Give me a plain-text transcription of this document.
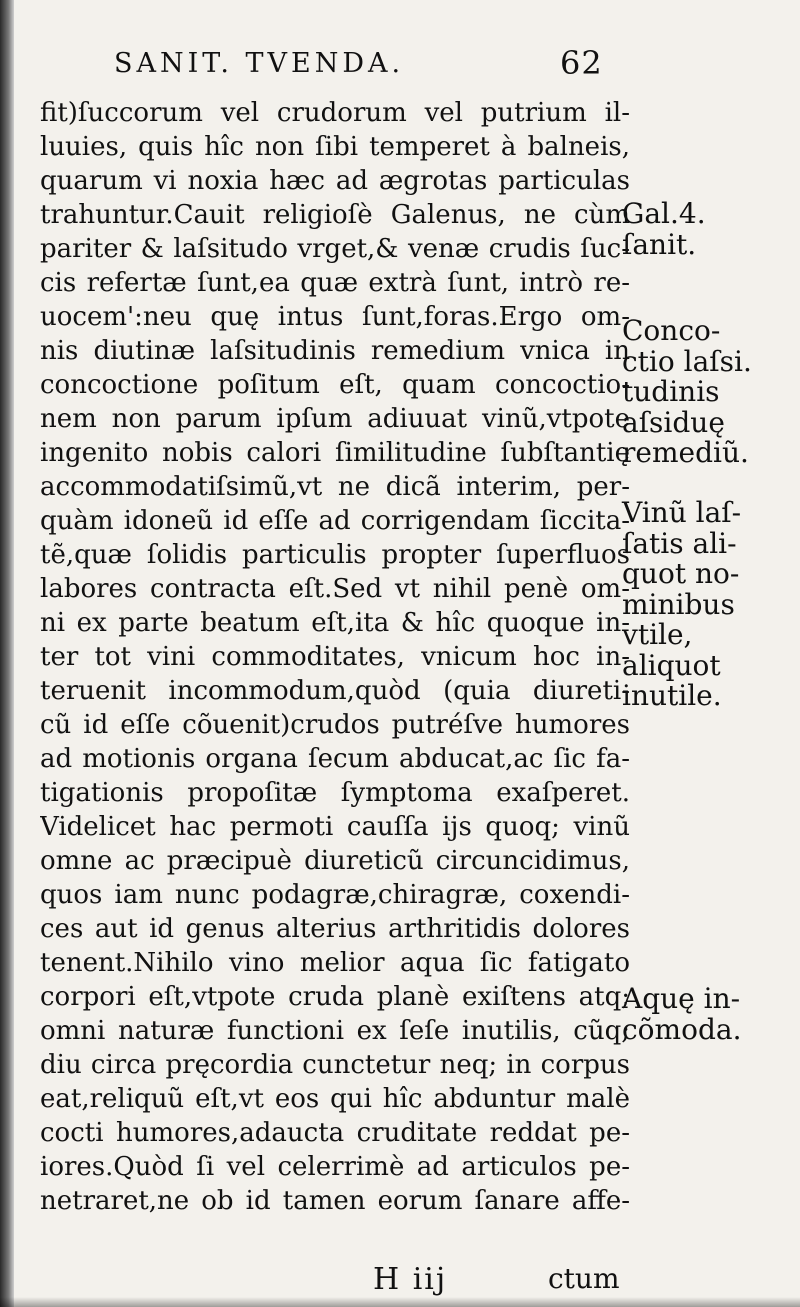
SANIT. TVENDA.	62
fit)ſuccorum vel crudorum vel putrium il-
luuies, quis hîc non ſibi temperet à balneis,
quarum vi noxia hæc ad ægrotas particulas
trahuntur.Cauit religioſè Galenus, ne cùm
pariter & laſsitudo vrget,& venæ crudis ſuc-
cis refertæ ſunt,ea quæ extrà ſunt, intrò re-
uocem':neu quę intus ſunt,foras.Ergo om-
nis diutinæ laſsitudinis remedium vnica in
concoctione poſitum eſt, quam concoctio-
nem non parum ipſum adiuuat vinũ,vtpote
ingenito nobis calori ſimilitudine ſubſtantię
accommodatiſsimũ,vt ne dicã interim, per-
quàm idoneũ id eſſe ad corrigendam ſiccita-
tẽ,quæ ſolidis particulis propter ſuperfluos
labores contracta eſt.Sed vt nihil penè om-
ni ex parte beatum eſt,ita & hîc quoque in-
ter tot vini commoditates, vnicum hoc in-
teruenit incommodum,quòd (quia diureti-
cũ id eſſe cõuenit)crudos putréſve humores
ad motionis organa ſecum abducat,ac ſic fa-
tigationis propoſitæ ſymptoma exaſperet.
Videlicet hac permoti cauſſa ijs quoq; vinũ
omne ac præcipuè diureticũ circuncidimus,
quos iam nunc podagræ,chiragræ, coxendi-
ces aut id genus alterius arthritidis dolores
tenent.Nihilo vino melior aqua ſic fatigato
corpori eſt,vtpote cruda planè exiſtens atq;
omni naturæ functioni ex ſeſe inutilis, cũq;
diu circa pręcordia cunctetur neq; in corpus
eat,reliquũ eſt,vt eos qui hîc abduntur malè
cocti humores,adaucta cruditate reddat pe-
iores.Quòd ſi vel celerrimè ad articulos pe-
netraret,ne ob id tamen eorum ſanare affe-
Gal.4.
ſanit.
Conco-
ctio laſsi.
tudinis
aſsiduę
remediũ.
Vinũ laſ-
ſatis ali-
quot no-
minibus
vtile,
aliquot
inutile.
Aquę in-
cõmoda.
H iij	ctum
